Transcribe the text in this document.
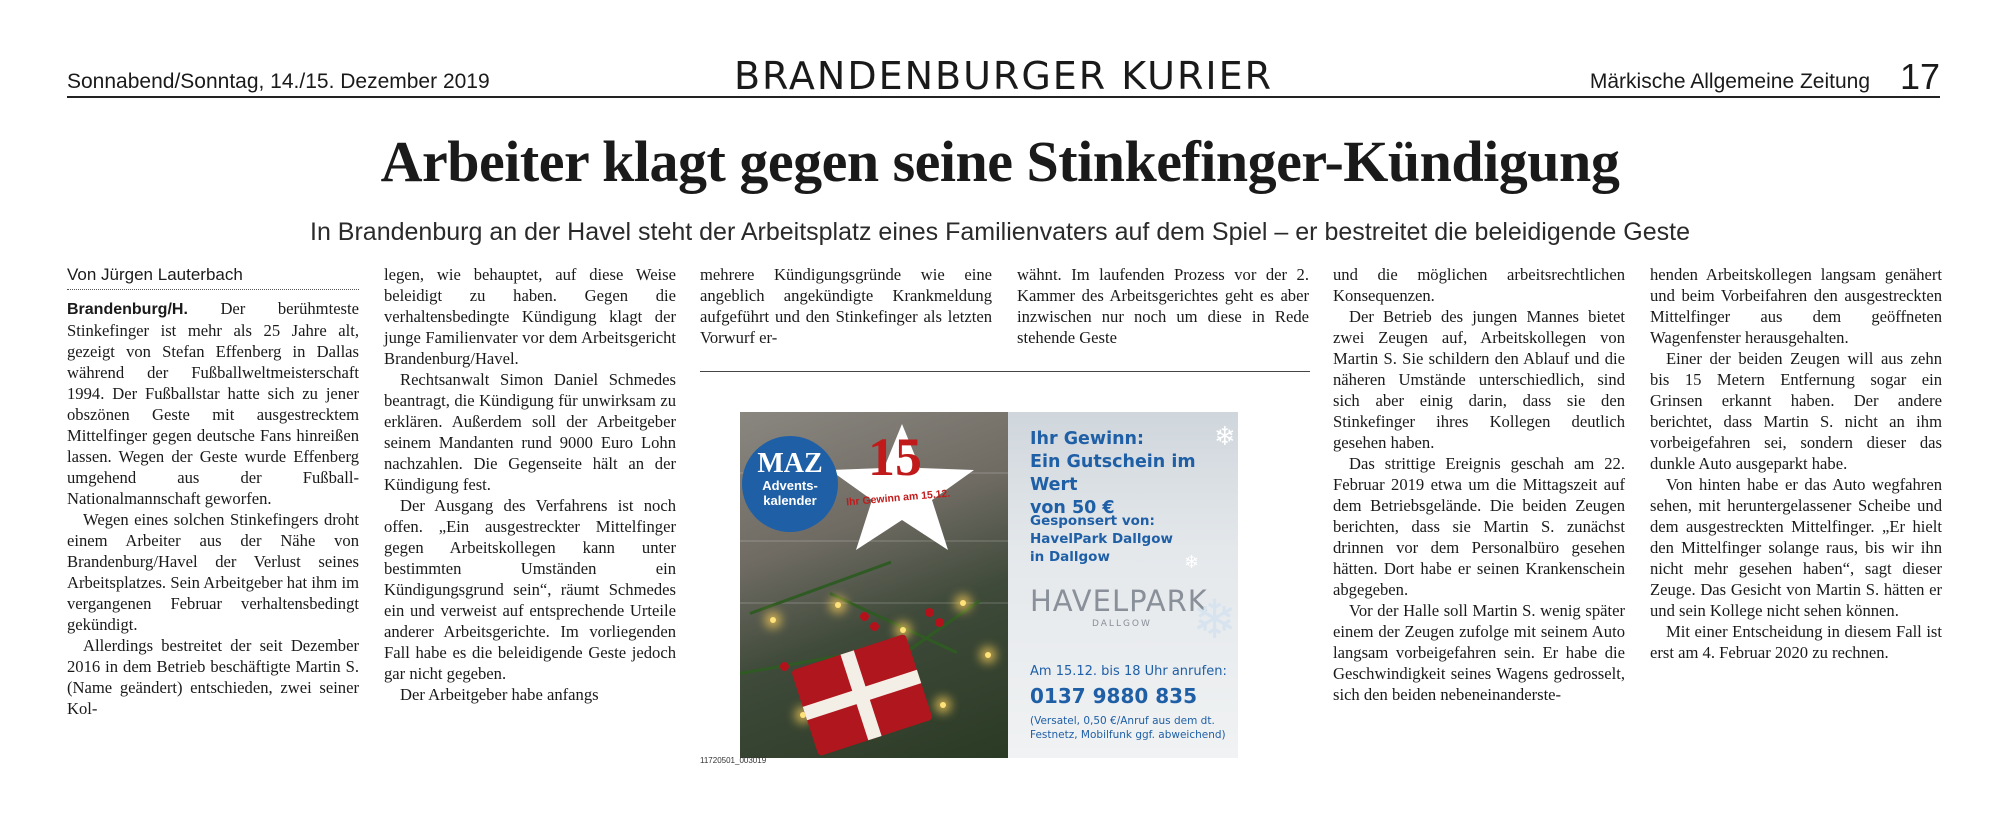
Sonnabend/Sonntag, 14./15. Dezember 2019	BRANDENBURGER KURIER	Märkische Allgemeine Zeitung 17
Arbeiter klagt gegen seine Stinkefinger-Kündigung
In Brandenburg an der Havel steht der Arbeitsplatz eines Familienvaters auf dem Spiel – er bestreitet die beleidigende Geste
Von Jürgen Lauterbach

Brandenburg/H. Der berühmteste Stinkefinger ist mehr als 25 Jahre alt, gezeigt von Stefan Effenberg in Dallas während der Fußballweltmeisterschaft 1994. Der Fußballstar hatte sich zu jener obszönen Geste mit ausgestrecktem Mittelfinger gegen deutsche Fans hinreißen lassen. Wegen der Geste wurde Effenberg umgehend aus der Fußball-Nationalmannschaft geworfen.

Wegen eines solchen Stinkefingers droht einem Arbeiter aus der Nähe von Brandenburg/Havel der Verlust seines Arbeitsplatzes. Sein Arbeitgeber hat ihm im vergangenen Februar verhaltensbedingt gekündigt.

Allerdings bestreitet der seit Dezember 2016 in dem Betrieb beschäftigte Martin S. (Name geändert) entschieden, zwei seiner Kol-

legen, wie behauptet, auf diese Weise beleidigt zu haben. Gegen die verhaltensbedingte Kündigung klagt der junge Familienvater vor dem Arbeitsgericht Brandenburg/Havel.

Rechtsanwalt Simon Daniel Schmedes beantragt, die Kündigung für unwirksam zu erklären. Außerdem soll der Arbeitgeber seinem Mandanten rund 9000 Euro Lohn nachzahlen. Die Gegenseite hält an der Kündigung fest.

Der Ausgang des Verfahrens ist noch offen. „Ein ausgestreckter Mittelfinger gegen Arbeitskollegen kann unter bestimmten Umständen ein Kündigungsgrund sein“, räumt Schmedes ein und verweist auf entsprechende Urteile anderer Arbeitsgerichte. Im vorliegenden Fall habe es die beleidigende Geste jedoch gar nicht gegeben.

Der Arbeitgeber habe anfangs

mehrere Kündigungsgründe wie eine angeblich angekündigte Krankmeldung aufgeführt und den Stinkefinger als letzten Vorwurf er-

wähnt. Im laufenden Prozess vor der 2. Kammer des Arbeitsgerichtes geht es aber inzwischen nur noch um diese in Rede stehende Geste

und die möglichen arbeitsrechtlichen Konsequenzen.

Der Betrieb des jungen Mannes bietet zwei Zeugen auf, Arbeitskollegen von Martin S. Sie schildern den Ablauf und die näheren Umstände unterschiedlich, sind sich aber einig darin, dass sie den Stinkefinger ihres Kollegen deutlich gesehen haben.

Das strittige Ereignis geschah am 22. Februar 2019 etwa um die Mittagszeit auf dem Betriebsgelände. Die beiden Zeugen berichten, dass sie Martin S. zunächst drinnen vor dem Personalbüro gesehen hätten. Dort habe er seinen Krankenschein abgegeben.

Vor der Halle soll Martin S. wenig später einem der Zeugen zufolge mit seinem Auto langsam vorbeigefahren sein. Er habe die Geschwindigkeit seines Wagens gedrosselt, sich den beiden nebeneinanderste-

henden Arbeitskollegen langsam genähert und beim Vorbeifahren den ausgestreckten Mittelfinger aus dem geöffneten Wagenfenster herausgehalten.

Einer der beiden Zeugen will aus zehn bis 15 Metern Entfernung sogar ein Grinsen erkannt haben. Der andere berichtet, dass Martin S. nicht an ihm vorbeigefahren sei, sondern dieser das dunkle Auto ausgeparkt habe.

Von hinten habe er das Auto wegfahren sehen, mit heruntergelassener Scheibe und dem ausgestreckten Mittelfinger. „Er hielt den Mittelfinger solange raus, bis wir ihn nicht mehr gesehen haben“, sagt dieser Zeuge. Das Gesicht von Martin S. hätten er und sein Kollege nicht sehen können.

Mit einer Entscheidung in diesem Fall ist erst am 4. Februar 2020 zu rechnen.

15
Ihr Gewinn am 15.12.
MAZ
Advents-
kalender
Ihr Gewinn:
Ein Gutschein im Wert
von 50 €
Gesponsert von:
HavelPark Dallgow
in Dallgow
HAVELPARK
DALLGOW
Am 15.12. bis 18 Uhr anrufen:
0137 9880 835
(Versatel, 0,50 €/Anruf aus dem dt. Festnetz, Mobilfunk ggf. abweichend)
❄
❄
❄
11720501_003019
